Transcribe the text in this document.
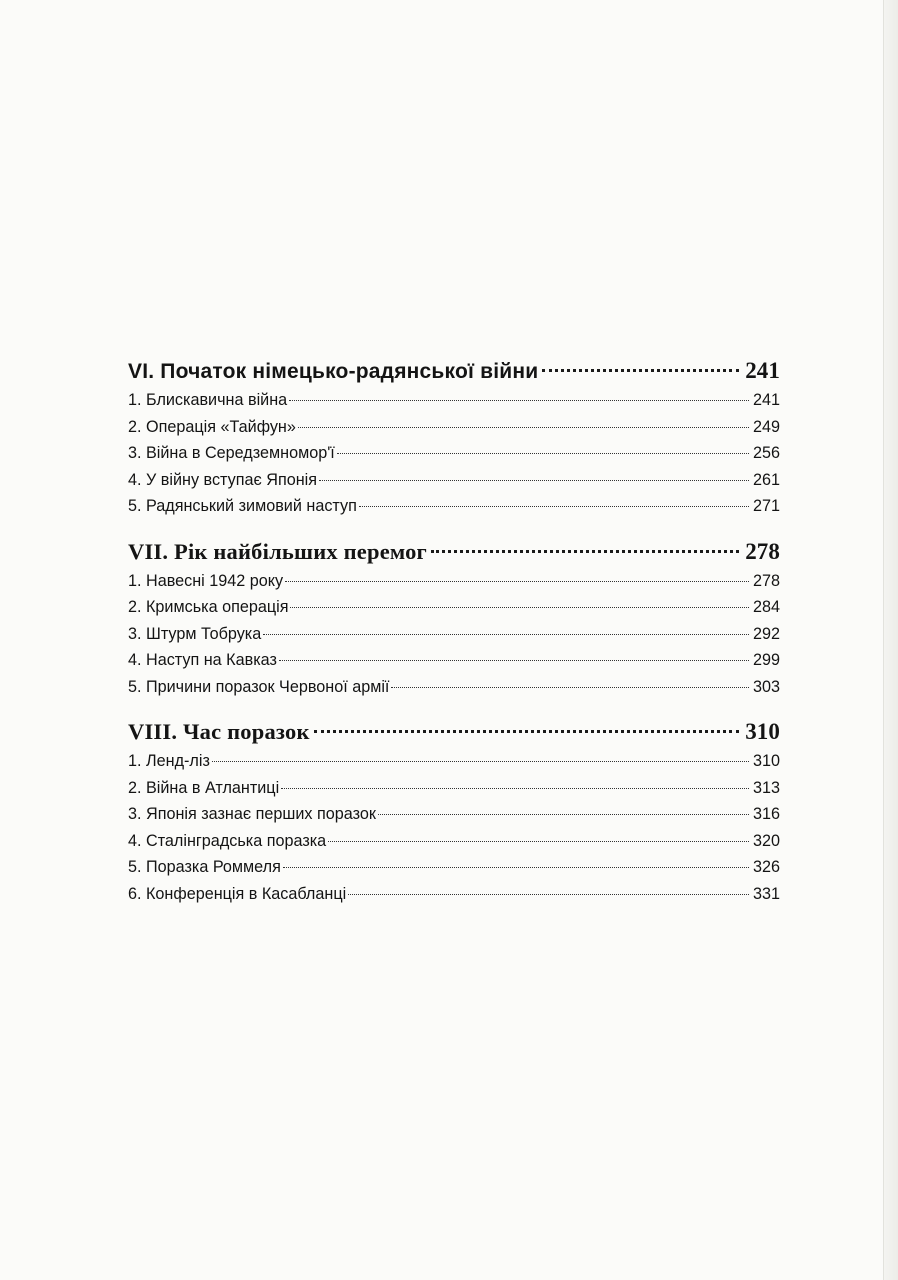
VI. Початок німецько-радянської війни	241
1. Блискавична війна	241
2. Операція «Тайфун»	249
3. Війна в Середземномор'ї	256
4. У війну вступає Японія	261
5. Радянський зимовий наступ	271
VII. Рік найбільших перемог	278
1. Навесні 1942 року	278
2. Кримська операція	284
3. Штурм Тобрука	292
4. Наступ на Кавказ	299
5. Причини поразок Червоної армії	303
VIII. Час поразок	310
1. Ленд-ліз	310
2. Війна в Атлантиці	313
3. Японія зазнає перших поразок	316
4. Сталінградська поразка	320
5. Поразка Роммеля	326
6. Конференція в Касабланці	331
